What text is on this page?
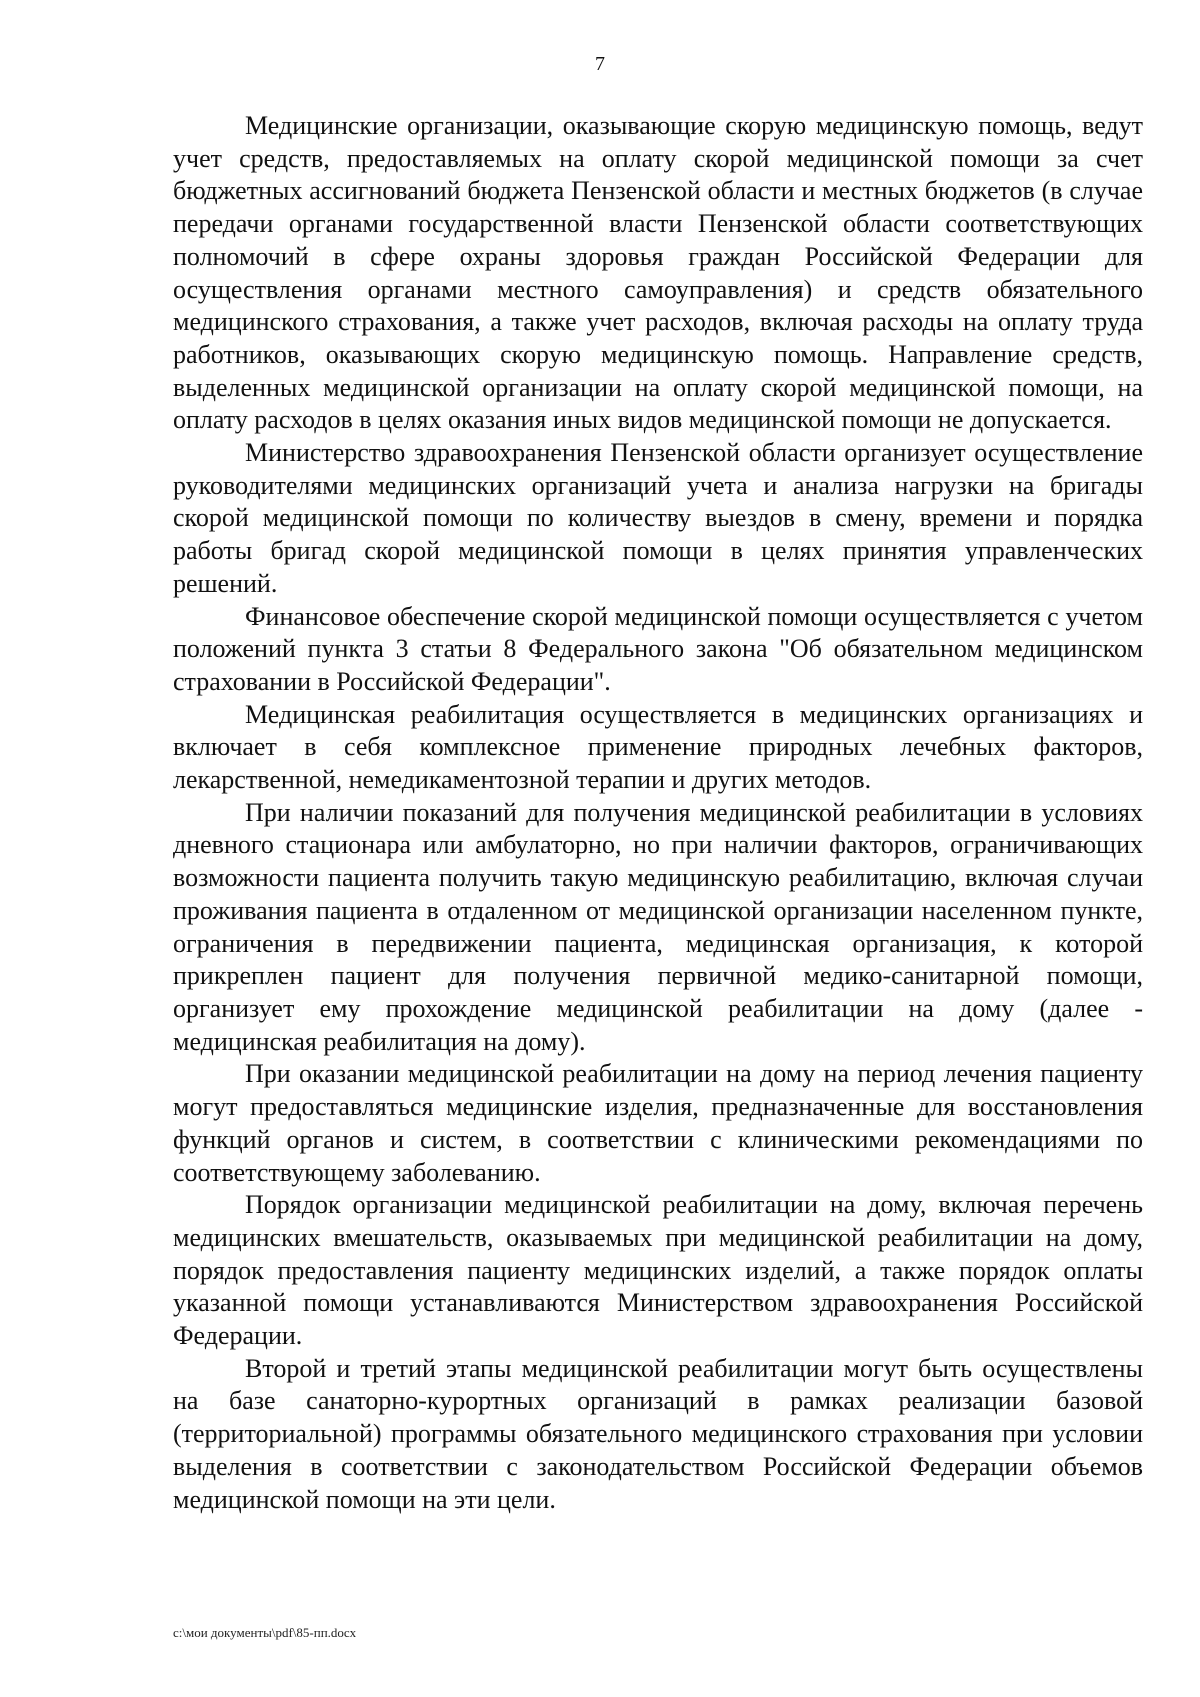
7

Медицинские организации, оказывающие скорую медицинскую помощь, ведут учет средств, предоставляемых на оплату скорой медицинской помощи за счет бюджетных ассигнований бюджета Пензенской области и местных бюджетов (в случае передачи органами государственной власти Пензенской области соответствующих полномочий в сфере охраны здоровья граждан Российской Федерации для осуществления органами местного самоуправления) и средств обязательного медицинского страхования, а также учет расходов, включая расходы на оплату труда работников, оказывающих скорую медицинскую помощь. Направление средств, выделенных медицинской организации на оплату скорой медицинской помощи, на оплату расходов в целях оказания иных видов медицинской помощи не допускается.

Министерство здравоохранения Пензенской области организует осуществление руководителями медицинских организаций учета и анализа нагрузки на бригады скорой медицинской помощи по количеству выездов в смену, времени и порядка работы бригад скорой медицинской помощи в целях принятия управленческих решений.

Финансовое обеспечение скорой медицинской помощи осуществляется с учетом положений пункта 3 статьи 8 Федерального закона "Об обязательном медицинском страховании в Российской Федерации".

Медицинская реабилитация осуществляется в медицинских организациях и включает в себя комплексное применение природных лечебных факторов, лекарственной, немедикаментозной терапии и других методов.

При наличии показаний для получения медицинской реабилитации в условиях дневного стационара или амбулаторно, но при наличии факторов, ограничивающих возможности пациента получить такую медицинскую реабилитацию, включая случаи проживания пациента в отдаленном от медицинской организации населенном пункте, ограничения в передвижении пациента, медицинская организация, к которой прикреплен пациент для получения первичной медико-санитарной помощи, организует ему прохождение медицинской реабилитации на дому (далее - медицинская реабилитация на дому).

При оказании медицинской реабилитации на дому на период лечения пациенту могут предоставляться медицинские изделия, предназначенные для восстановления функций органов и систем, в соответствии с клиническими рекомендациями по соответствующему заболеванию.

Порядок организации медицинской реабилитации на дому, включая перечень медицинских вмешательств, оказываемых при медицинской реабилитации на дому, порядок предоставления пациенту медицинских изделий, а также порядок оплаты указанной помощи устанавливаются Министерством здравоохранения Российской Федерации.

Второй и третий этапы медицинской реабилитации могут быть осуществлены на базе санаторно-курортных организаций в рамках реализации базовой (территориальной) программы обязательного медицинского страхования при условии выделения в соответствии с законодательством Российской Федерации объемов медицинской помощи на эти цели.

c:\мои документы\pdf\85-пп.docx
